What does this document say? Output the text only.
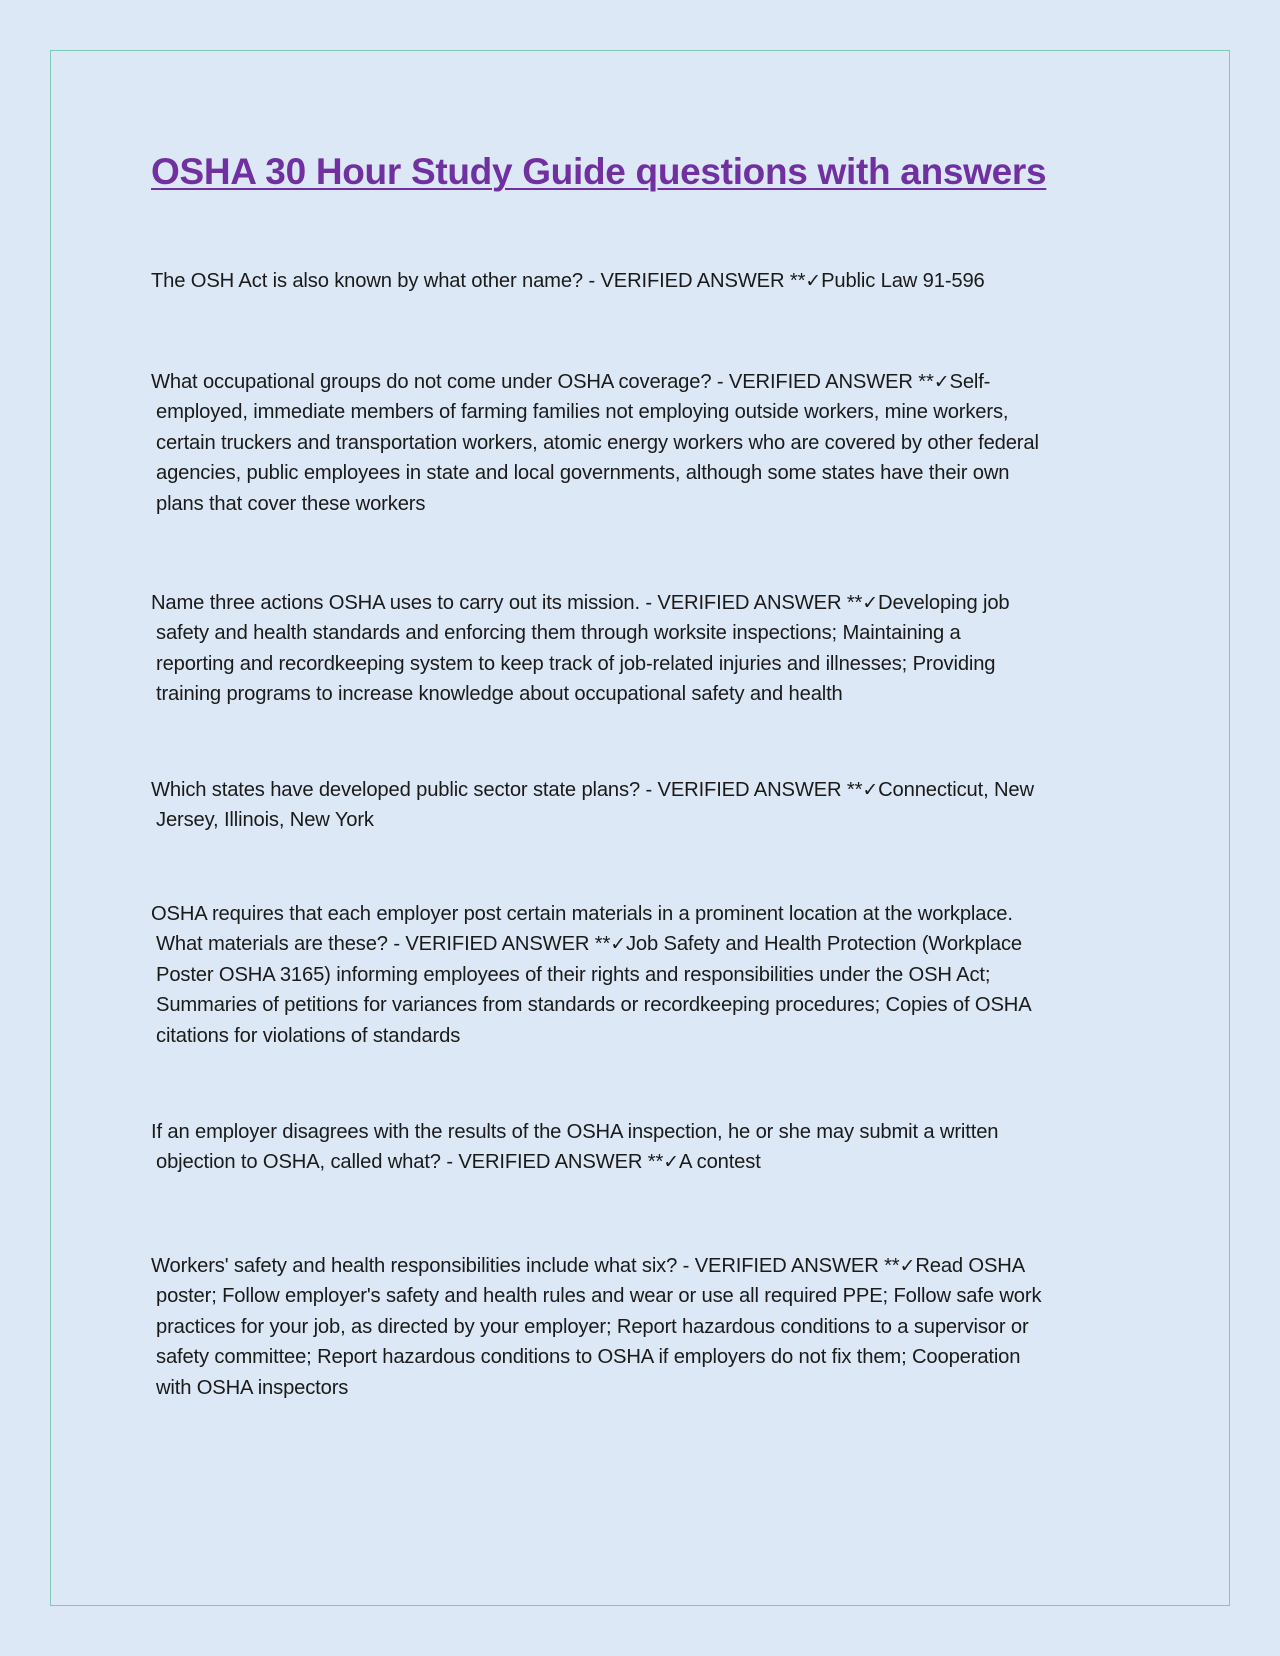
OSHA 30 Hour Study Guide questions with answers
The OSH Act is also known by what other name? - VERIFIED ANSWER **✓Public Law 91-596
What occupational groups do not come under OSHA coverage? - VERIFIED ANSWER **✓Self-
employed, immediate members of farming families not employing outside workers, mine workers,
certain truckers and transportation workers, atomic energy workers who are covered by other federal
agencies, public employees in state and local governments, although some states have their own
plans that cover these workers
Name three actions OSHA uses to carry out its mission. - VERIFIED ANSWER **✓Developing job
safety and health standards and enforcing them through worksite inspections; Maintaining a
reporting and recordkeeping system to keep track of job-related injuries and illnesses; Providing
training programs to increase knowledge about occupational safety and health
Which states have developed public sector state plans? - VERIFIED ANSWER **✓Connecticut, New
Jersey, Illinois, New York
OSHA requires that each employer post certain materials in a prominent location at the workplace.
What materials are these? - VERIFIED ANSWER **✓Job Safety and Health Protection (Workplace
Poster OSHA 3165) informing employees of their rights and responsibilities under the OSH Act;
Summaries of petitions for variances from standards or recordkeeping procedures; Copies of OSHA
citations for violations of standards
If an employer disagrees with the results of the OSHA inspection, he or she may submit a written
objection to OSHA, called what? - VERIFIED ANSWER **✓A contest
Workers' safety and health responsibilities include what six? - VERIFIED ANSWER **✓Read OSHA
poster; Follow employer's safety and health rules and wear or use all required PPE; Follow safe work
practices for your job, as directed by your employer; Report hazardous conditions to a supervisor or
safety committee; Report hazardous conditions to OSHA if employers do not fix them; Cooperation
with OSHA inspectors
